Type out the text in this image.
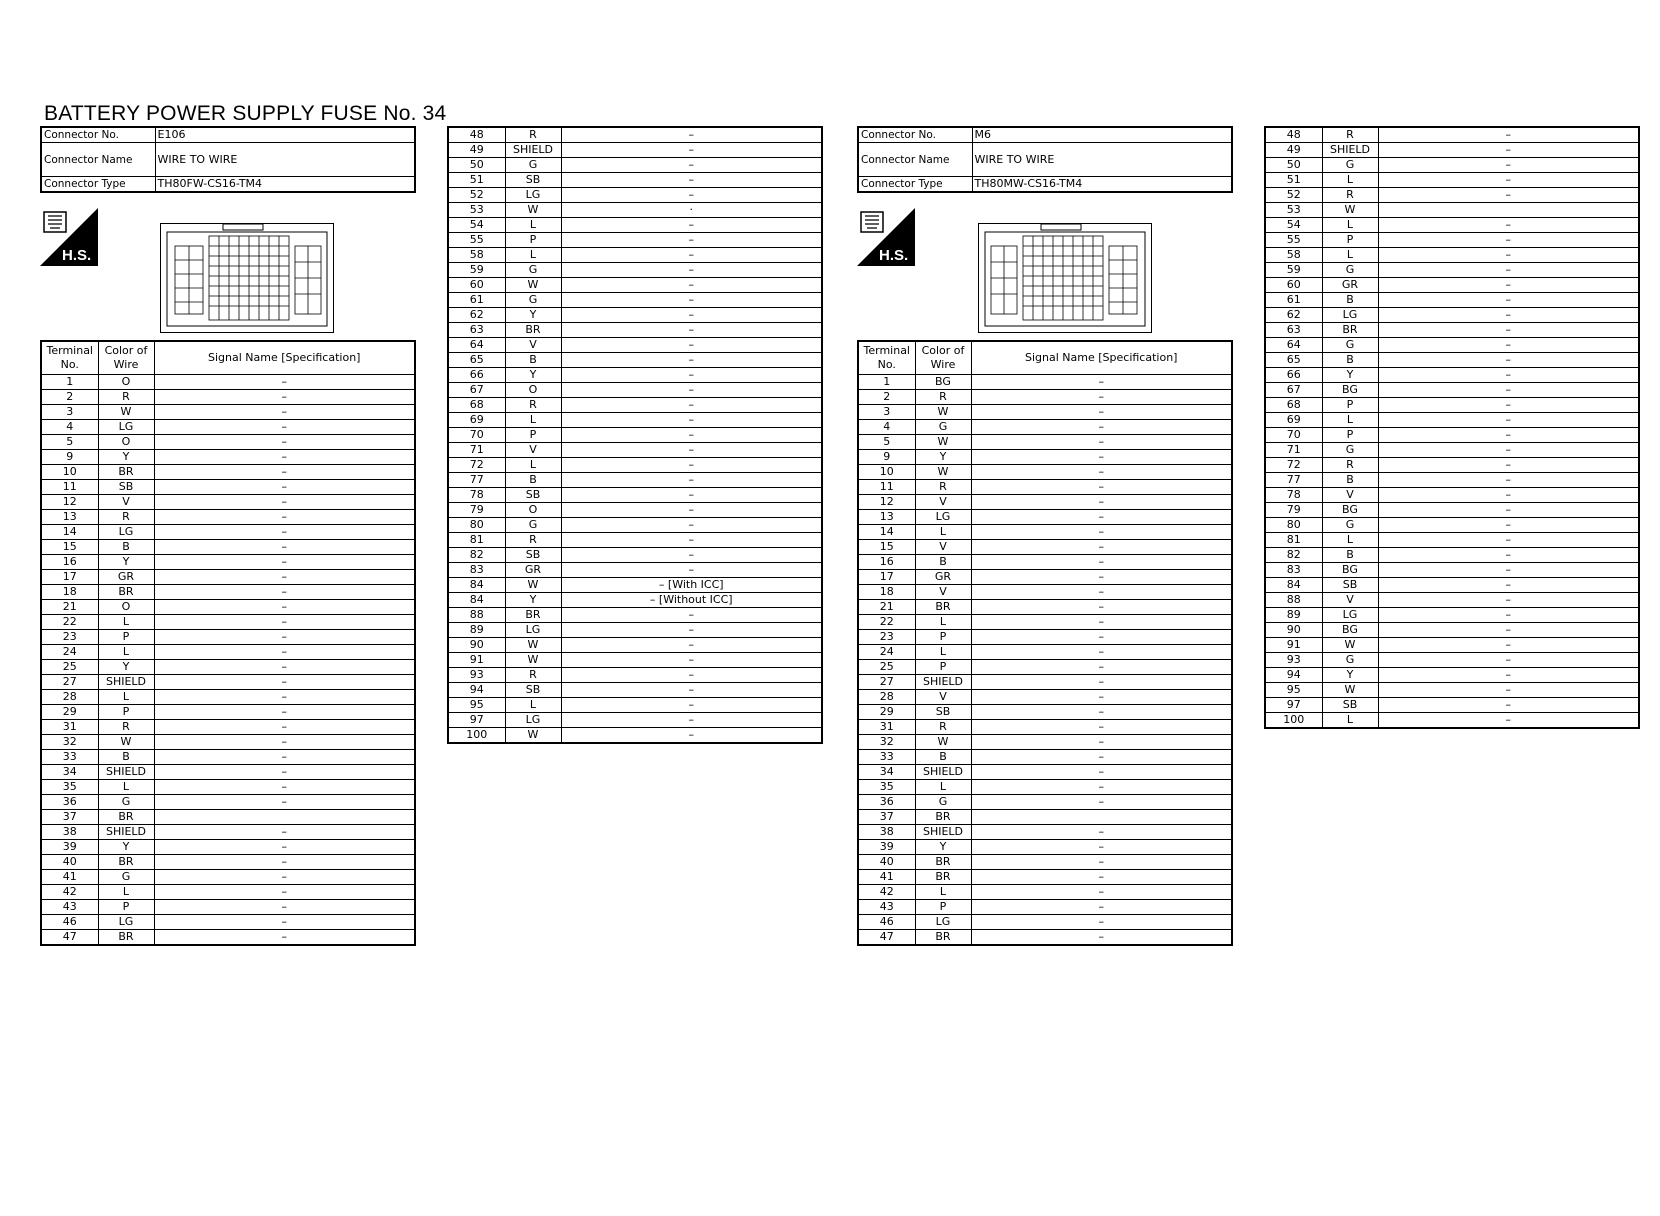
BATTERY POWER SUPPLY FUSE No. 34
Connector No.	E106
Connector Name	WIRE TO WIRE
Connector Type	TH80FW-CS16-TM4
H.S.
Terminal No.	Color of Wire	Signal Name [Specification]
1	O	–
2	R	–
3	W	–
4	LG	–
5	O	–
9	Y	–
10	BR	–
11	SB	–
12	V	–
13	R	–
14	LG	–
15	B	–
16	Y	–
17	GR	–
18	BR	–
21	O	–
22	L	–
23	P	–
24	L	–
25	Y	–
27	SHIELD	–
28	L	–
29	P	–
31	R	–
32	W	–
33	B	–
34	SHIELD	–
35	L	–
36	G	–
37	BR	
38	SHIELD	–
39	Y	–
40	BR	–
41	G	–
42	L	–
43	P	–
46	LG	–
47	BR	–
48	R	–
49	SHIELD	–
50	G	–
51	SB	–
52	LG	–
53	W	·
54	L	–
55	P	–
58	L	–
59	G	–
60	W	–
61	G	–
62	Y	–
63	BR	–
64	V	–
65	B	–
66	Y	–
67	O	–
68	R	–
69	L	–
70	P	–
71	V	–
72	L	–
77	B	–
78	SB	–
79	O	–
80	G	–
81	R	–
82	SB	–
83	GR	–
84	W	– [With ICC]
84	Y	– [Without ICC]
88	BR	–
89	LG	–
90	W	–
91	W	–
93	R	–
94	SB	–
95	L	–
97	LG	–
100	W	–
Connector No.	M6
Connector Name	WIRE TO WIRE
Connector Type	TH80MW-CS16-TM4
H.S.
Terminal No.	Color of Wire	Signal Name [Specification]
1	BG	–
2	R	–
3	W	–
4	G	–
5	W	–
9	Y	–
10	W	–
11	R	–
12	V	–
13	LG	–
14	L	–
15	V	–
16	B	–
17	GR	–
18	V	–
21	BR	–
22	L	–
23	P	–
24	L	–
25	P	–
27	SHIELD	–
28	V	–
29	SB	–
31	R	–
32	W	–
33	B	–
34	SHIELD	–
35	L	–
36	G	–
37	BR	
38	SHIELD	–
39	Y	–
40	BR	–
41	BR	–
42	L	–
43	P	–
46	LG	–
47	BR	–
48	R	–
49	SHIELD	–
50	G	–
51	L	–
52	R	–
53	W	
54	L	–
55	P	–
58	L	–
59	G	–
60	GR	–
61	B	–
62	LG	–
63	BR	–
64	G	–
65	B	–
66	Y	–
67	BG	–
68	P	–
69	L	–
70	P	–
71	G	–
72	R	–
77	B	–
78	V	–
79	BG	–
80	G	–
81	L	–
82	B	–
83	BG	–
84	SB	–
88	V	–
89	LG	–
90	BG	–
91	W	–
93	G	–
94	Y	–
95	W	–
97	SB	–
100	L	–
